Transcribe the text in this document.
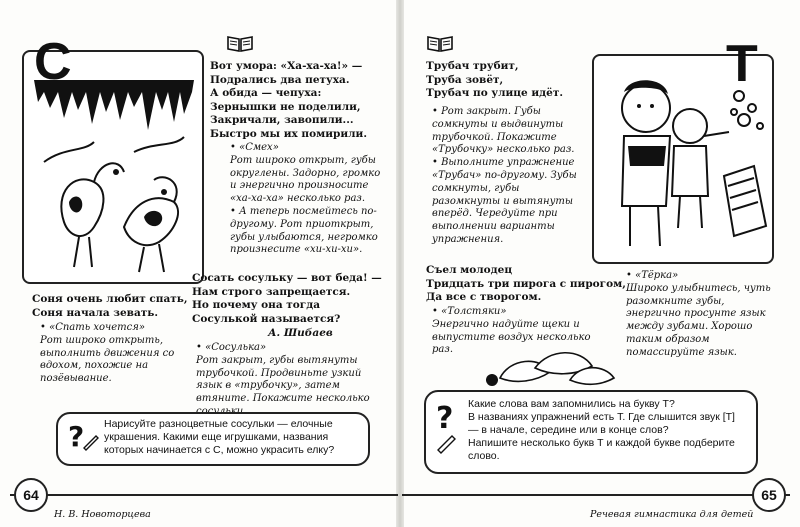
С	Вот умора: «Ха-ха-ха!» —
Подрались два петуха.
А обида — чепуха:
Зернышки не поделили,
Закричали, завопили...
Быстро мы их помирили.

• «Смех»

Рот широко открыт, губы округлены. Задорно, громко и энергично произносите «ха-ха-ха» несколько раз.

• А теперь посмейтесь по-другому. Рот приоткрыт, губы улыбаются, негромко произнесите «хи-хи-хи».

Сосать сосульку — вот беда! —
Нам строго запрещается.
Но почему она тогда
Сосулькой называется?
А. Шибаев
Соня очень любит спать,
Соня начала зевать.

• «Спать хочется»

Рот широко открыть, выполнить движения со вдохом, похожие на позёвывание.

• «Сосулька»

Рот закрыт, губы вытянуты трубочкой. Продвиньте узкий язык в «трубочку», затем втяните. Покажите несколько

? Нарисуйте разноцветные сосульки — елочные украшения. Какими еще игрушками, названия которых начинается с С, можно украсить елку?
64
Н. В. Новоторцева
Трубач трубит,
Труба зовёт,
Трубач по улице идёт.

• Рот закрыт. Губы сомкнуты и выдвинуты трубочкой. Покажите «Трубочку» несколько раз.

• Выполните упражнение «Трубач» по-другому. Зубы сомкнуты, губы разомкнуты и вытянуты вперёд. Чередуйте при выполнении варианты упражнения.

Т
Съел молодец
Тридцать три пирога с пирогом,
Да все с творогом.

• «Толстяки»

Энергично надуйте щеки и выпустите воздух несколько раз.

• «Тёрка»

Широко улыбнитесь, чуть разомкните зубы, энергично просунте язык между зубами. Хорошо таким образом помассируйте язык.

? Какие слова вам запомнились на букву Т?
В названиях упражнений есть Т. Где слышится звук [Т] — в начале, середине или в конце слов?
Напишите несколько букв Т и каждой букве подберите слово.
65
Речевая гимнастика для детей
